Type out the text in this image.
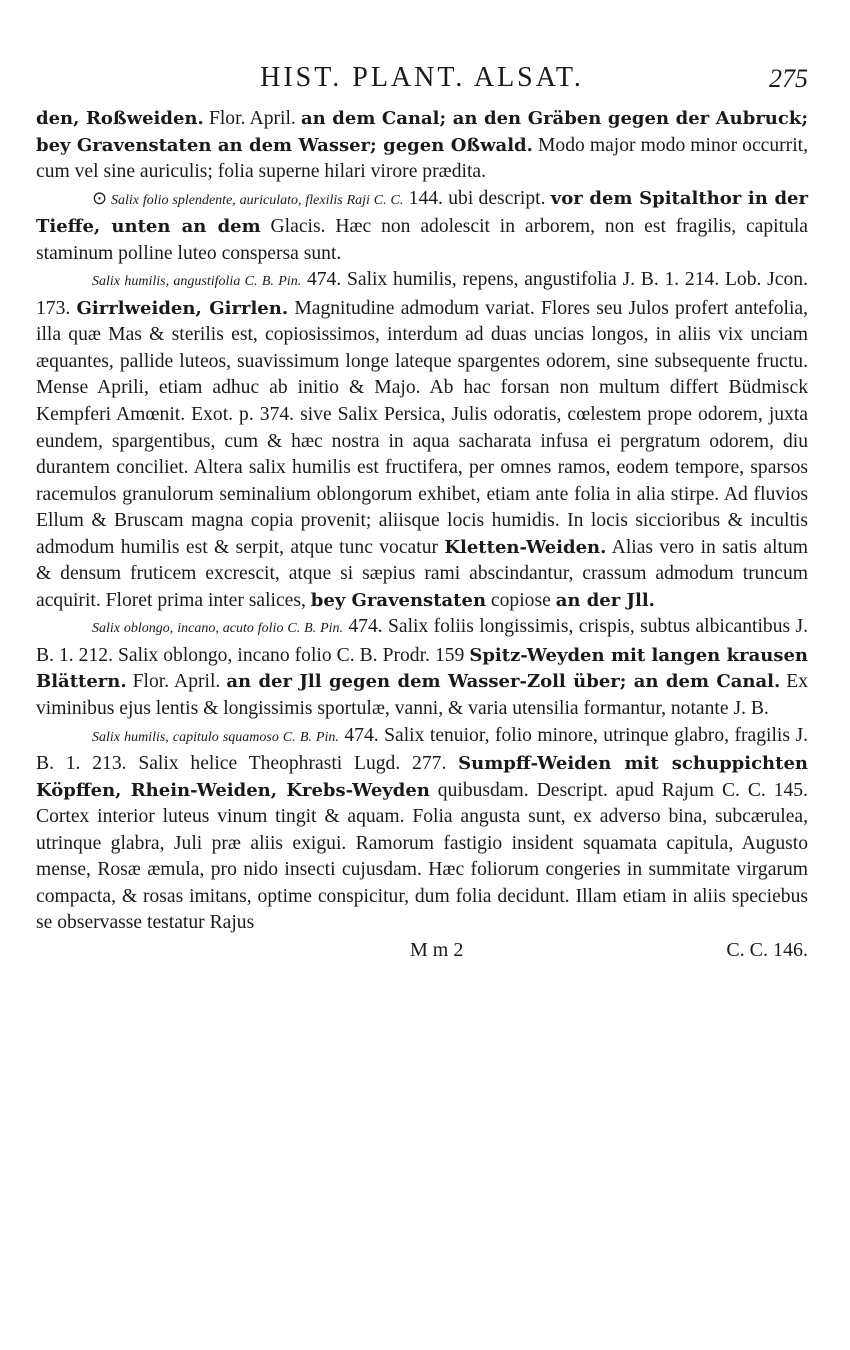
HIST. PLANT. ALSAT.	275

den, Roßweiden. Flor. April. an dem Canal; an den Gräben gegen der Aubruck; bey Gravenstaten an dem Wasser; gegen Oßwald. Modo major modo minor occurrit, cum vel sine auriculis; folia superne hilari virore prædita.

⊙ Salix folio splendente, auriculato, flexilis Raji C. C. 144. ubi descript. vor dem Spitalthor in der Tieffe, unten an dem Glacis. Hæc non adolescit in arborem, non est fragilis, capitula staminum polline luteo conspersa sunt.

Salix humilis, angustifolia C. B. Pin. 474. Salix humilis, repens, angustifolia J. B. 1. 214. Lob. Jcon. 173. Girrlweiden, Girrlen. Magnitudine admodum variat. Flores seu Julos profert antefolia, illa quæ Mas & sterilis est, copiosissimos, interdum ad duas uncias longos, in aliis vix unciam æquantes, pallide luteos, suavissimum longe lateque spargentes odorem, sine subsequente fructu. Mense Aprili, etiam adhuc ab initio & Majo. Ab hac forsan non multum differt Büdmisck Kempferi Amœnit. Exot. p. 374. sive Salix Persica, Julis odoratis, cœlestem prope odorem, juxta eundem, spargentibus, cum & hæc nostra in aqua sacharata infusa ei pergratum odorem, diu durantem conciliet. Altera salix humilis est fructifera, per omnes ramos, eodem tempore, sparsos racemulos granulorum seminalium oblongorum exhibet, etiam ante folia in alia stirpe. Ad fluvios Ellum & Bruscam magna copia provenit; aliisque locis humidis. In locis siccioribus & incultis admodum humilis est & serpit, atque tunc vocatur Kletten-Weiden. Alias vero in satis altum & densum fruticem excrescit, atque si sæpius rami abscindantur, crassum admodum truncum acquirit. Floret prima inter salices, bey Gravenstaten copiose an der Jll.

Salix oblongo, incano, acuto folio C. B. Pin. 474. Salix foliis longissimis, crispis, subtus albicantibus J. B. 1. 212. Salix oblongo, incano folio C. B. Prodr. 159 Spitz-Weyden mit langen krausen Blättern. Flor. April. an der Jll gegen dem Wasser-Zoll über; an dem Canal. Ex viminibus ejus lentis & longissimis sportulæ, vanni, & varia utensilia formantur, notante J. B.

Salix humilis, capitulo squamoso C. B. Pin. 474. Salix tenuior, folio minore, utrinque glabro, fragilis J. B. 1. 213. Salix helice Theophrasti Lugd. 277. Sumpff-Weiden mit schuppichten Köpffen, Rhein-Weiden, Krebs-Weyden quibusdam. Descript. apud Rajum C. C. 145. Cortex interior luteus vinum tingit & aquam. Folia angusta sunt, ex adverso bina, subcærulea, utrinque glabra, Juli præ aliis exigui. Ramorum fastigio insident squamata capitula, Augusto mense, Rosæ æmula, pro nido insecti cujusdam. Hæc foliorum congeries in summitate virgarum compacta, & rosas imitans, optime conspicitur, dum folia decidunt. Illam etiam in aliis speciebus se observasse testatur Rajus

M m 2	C. C. 146.
